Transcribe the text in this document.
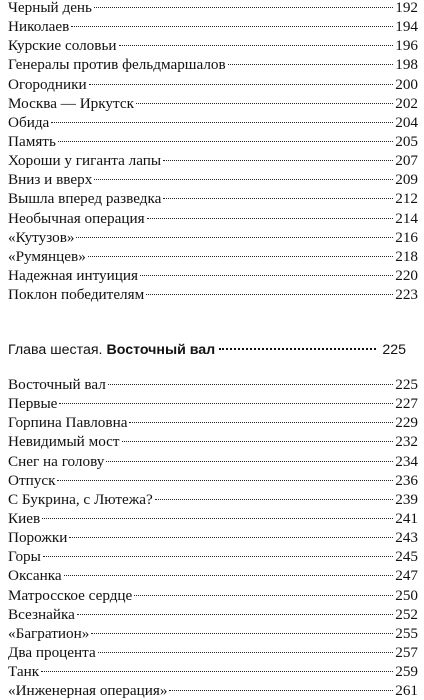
Черный день	192
Николаев	194
Курские соловьи	196
Генералы против фельдмаршалов	198
Огородники	200
Москва — Иркутск	202
Обида	204
Память	205
Хороши у гиганта лапы	207
Вниз и вверх	209
Вышла вперед разведка	212
Необычная операция	214
«Кутузов»	216
«Румянцев»	218
Надежная интуиция	220
Поклон победителям	223
Глава шестая. Восточный вал	225
Восточный вал	225
Первые	227
Горпина Павловна	229
Невидимый мост	232
Снег на голову	234
Отпуск	236
С Букрина, с Лютежа?	239
Киев	241
Порожки	243
Горы	245
Оксанка	247
Матросское сердце	250
Всезнайка	252
«Багратион»	255
Два процента	257
Танк	259
«Инженерная операция»	261
